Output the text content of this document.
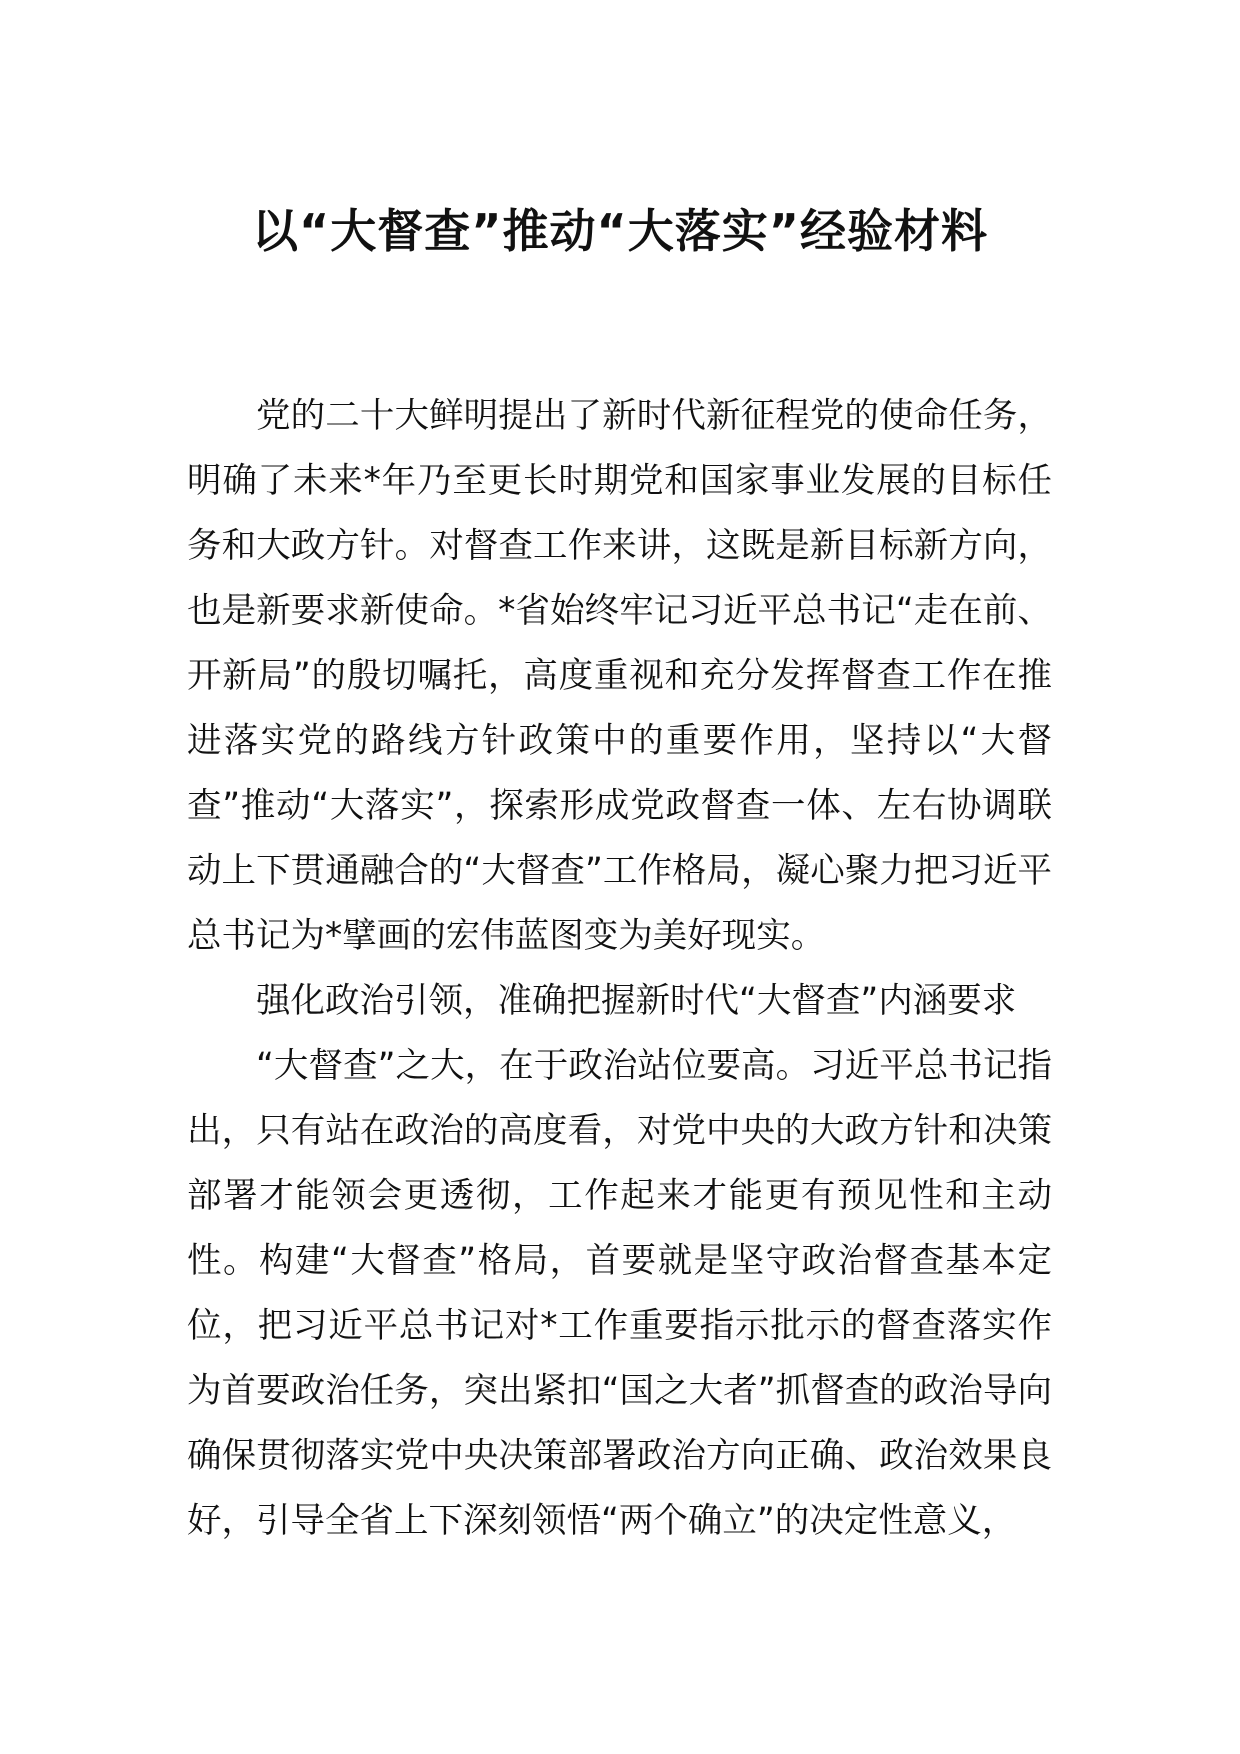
以“大督查”推动“大落实”经验材料

党的二十大鲜明提出了新时代新征程党的使命任务，明确了未来*年乃至更长时期党和国家事业发展的目标任务和大政方针。对督查工作来讲，这既是新目标新方向，也是新要求新使命。*省始终牢记习近平总书记“走在前、开新局”的殷切嘱托，高度重视和充分发挥督查工作在推进落实党的路线方针政策中的重要作用，坚持以“大督查”推动“大落实”，探索形成党政督查一体、左右协调联动上下贯通融合的“大督查”工作格局，凝心聚力把习近平总书记为*擘画的宏伟蓝图变为美好现实。

强化政治引领，准确把握新时代“大督查”内涵要求

“大督查”之大，在于政治站位要高。习近平总书记指出，只有站在政治的高度看，对党中央的大政方针和决策部署才能领会更透彻，工作起来才能更有预见性和主动性。构建“大督查”格局，首要就是坚守政治督查基本定位，把习近平总书记对*工作重要指示批示的督查落实作为首要政治任务，突出紧扣“国之大者”抓督查的政治导向确保贯彻落实党中央决策部署政治方向正确、政治效果良好，引导全省上下深刻领悟“两个确立”的决定性意义，
